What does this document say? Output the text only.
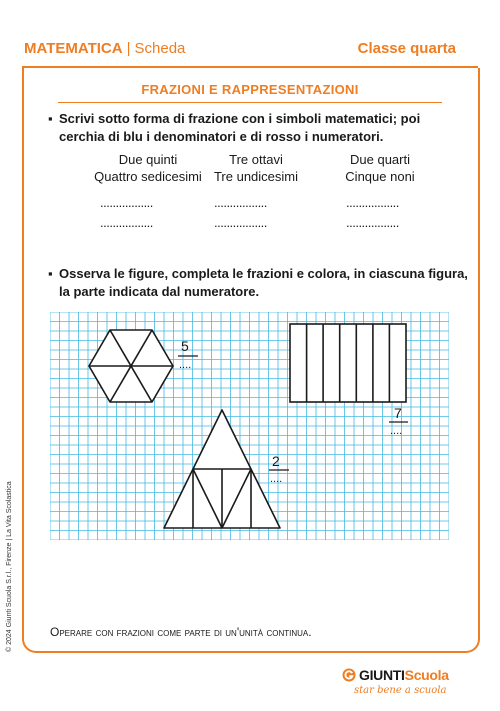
MATEMATICA | Scheda	Classe quarta
FRAZIONI E RAPPRESENTAZIONI
▪ Scrivi sotto forma di frazione con i simboli matematici; poi cerchia di blu i denominatori e di rosso i numeratori.
Due quinti
Quattro sedicesimi
Tre ottavi
Tre undicesimi
Due quarti
Cinque noni
.................
.................
.................
.................
.................
.................
▪ Osserva le figure, completa le frazioni e colora, in ciascuna figura, la parte indicata dal numeratore.
5
....
7
....
2
....
Operare con frazioni come parte di un'unità continua.
© 2024 Giunti Scuola S.r.l., Firenze | La Vita Scolastica
GIUNTIScuola
star bene a scuola
